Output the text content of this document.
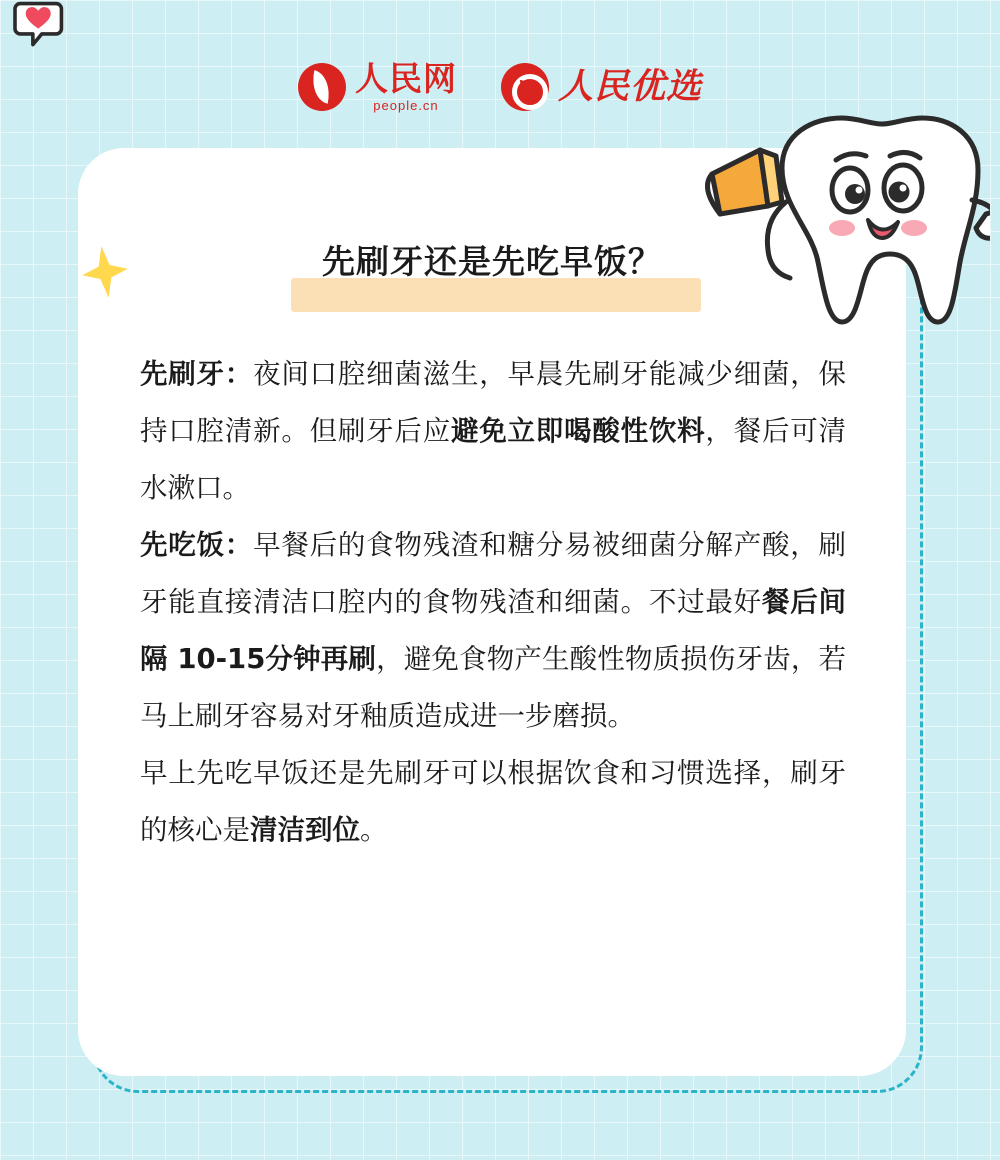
人民网
people.cn	人民优选
先刷牙还是先吃早饭？

先刷牙：夜间口腔细菌滋生，早晨先刷牙能减少细菌，保持口腔清新。但刷牙后应避免立即喝酸性饮料，餐后可清水漱口。

先吃饭：早餐后的食物残渣和糖分易被细菌分解产酸，刷牙能直接清洁口腔内的食物残渣和细菌。不过最好餐后间隔 10-15分钟再刷，避免食物产生酸性物质损伤牙齿，若马上刷牙容易对牙釉质造成进一步磨损。

早上先吃早饭还是先刷牙可以根据饮食和习惯选择，刷牙的核心是清洁到位。
